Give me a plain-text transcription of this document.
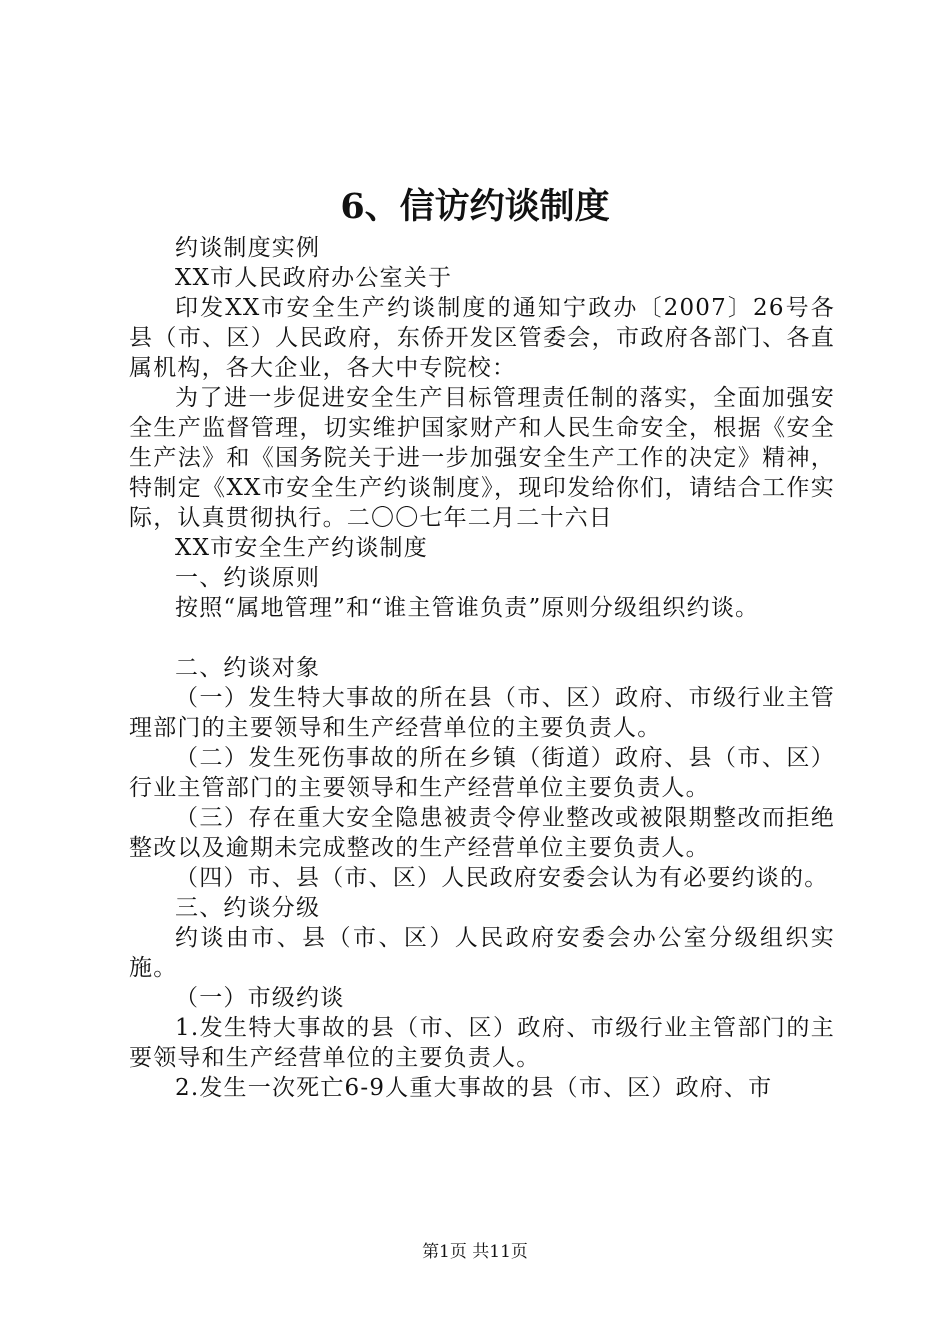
6、信访约谈制度

约谈制度实例

XX市人民政府办公室关于

印发XX市安全生产约谈制度的通知宁政办〔2007〕26号各县（市、区）人民政府，东侨开发区管委会，市政府各部门、各直属机构，各大企业，各大中专院校：

为了进一步促进安全生产目标管理责任制的落实，全面加强安全生产监督管理，切实维护国家财产和人民生命安全，根据《安全生产法》和《国务院关于进一步加强安全生产工作的决定》精神，特制定《XX市安全生产约谈制度》，现印发给你们，请结合工作实际，认真贯彻执行。二〇〇七年二月二十六日

XX市安全生产约谈制度

一、约谈原则

按照“属地管理”和“谁主管谁负责”原则分级组织约谈。

二、约谈对象

（一）发生特大事故的所在县（市、区）政府、市级行业主管理部门的主要领导和生产经营单位的主要负责人。

（二）发生死伤事故的所在乡镇（街道）政府、县（市、区）行业主管部门的主要领导和生产经营单位主要负责人。

（三）存在重大安全隐患被责令停业整改或被限期整改而拒绝整改以及逾期未完成整改的生产经营单位主要负责人。

（四）市、县（市、区）人民政府安委会认为有必要约谈的。

三、约谈分级

约谈由市、县（市、区）人民政府安委会办公室分级组织实施。

（一）市级约谈

1.发生特大事故的县（市、区）政府、市级行业主管部门的主要领导和生产经营单位的主要负责人。

2.发生一次死亡6-9人重大事故的县（市、区）政府、市

第1页 共11页
